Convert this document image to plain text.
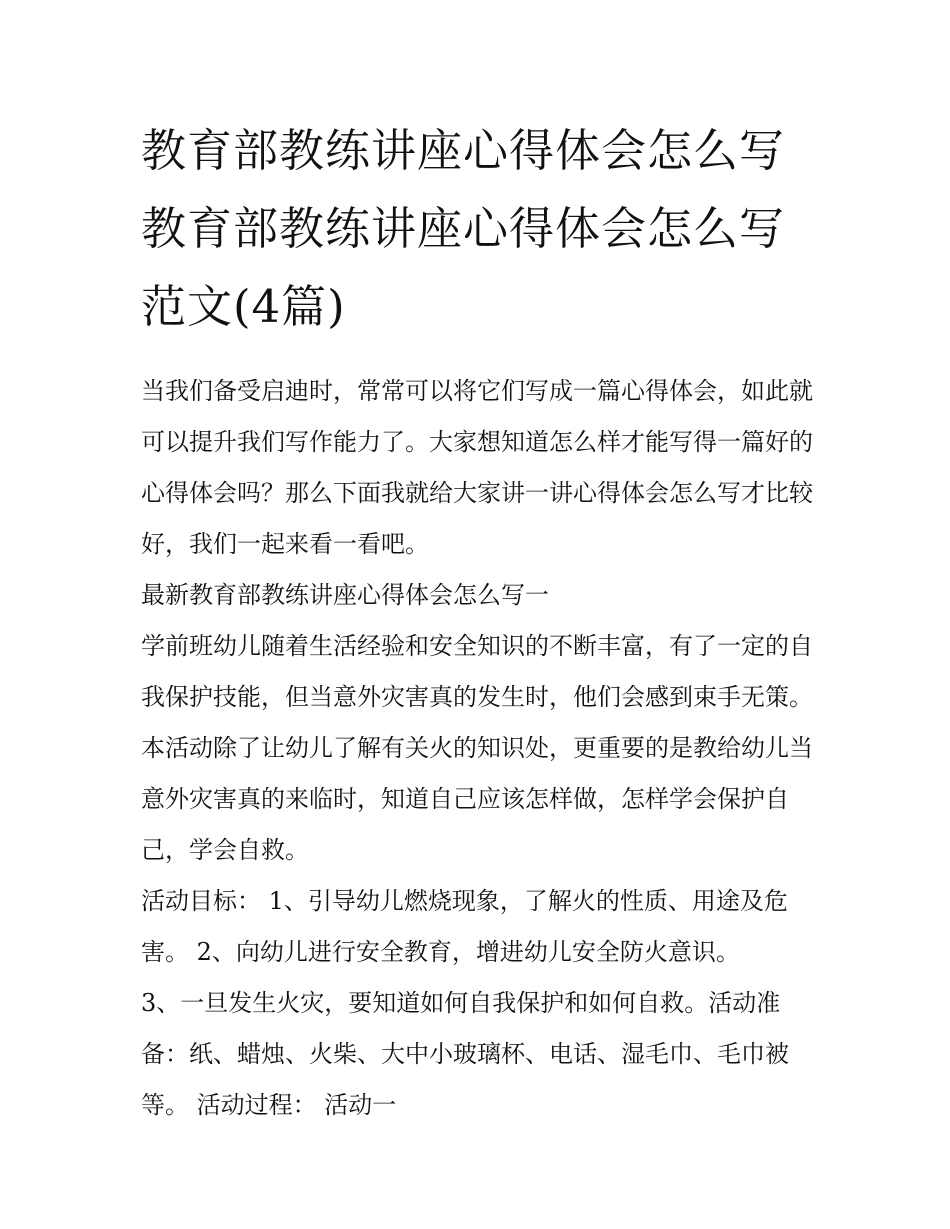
教育部教练讲座心得体会怎么写 教育部教练讲座心得体会怎么写范文(4篇)

当我们备受启迪时，常常可以将它们写成一篇心得体会，如此就可以提升我们写作能力了。大家想知道怎么样才能写得一篇好的心得体会吗？那么下面我就给大家讲一讲心得体会怎么写才比较好，我们一起来看一看吧。

最新教育部教练讲座心得体会怎么写一

学前班幼儿随着生活经验和安全知识的不断丰富，有了一定的自我保护技能，但当意外灾害真的发生时，他们会感到束手无策。本活动除了让幼儿了解有关火的知识处，更重要的是教给幼儿当意外灾害真的来临时，知道自己应该怎样做，怎样学会保护自己，学会自救。

活动目标： 1、引导幼儿燃烧现象，了解火的性质、用途及危害。 2、向幼儿进行安全教育，增进幼儿安全防火意识。

3、一旦发生火灾，要知道如何自我保护和如何自救。活动准备：纸、蜡烛、火柴、大中小玻璃杯、电话、湿毛巾、毛巾被等。 活动过程： 活动一
